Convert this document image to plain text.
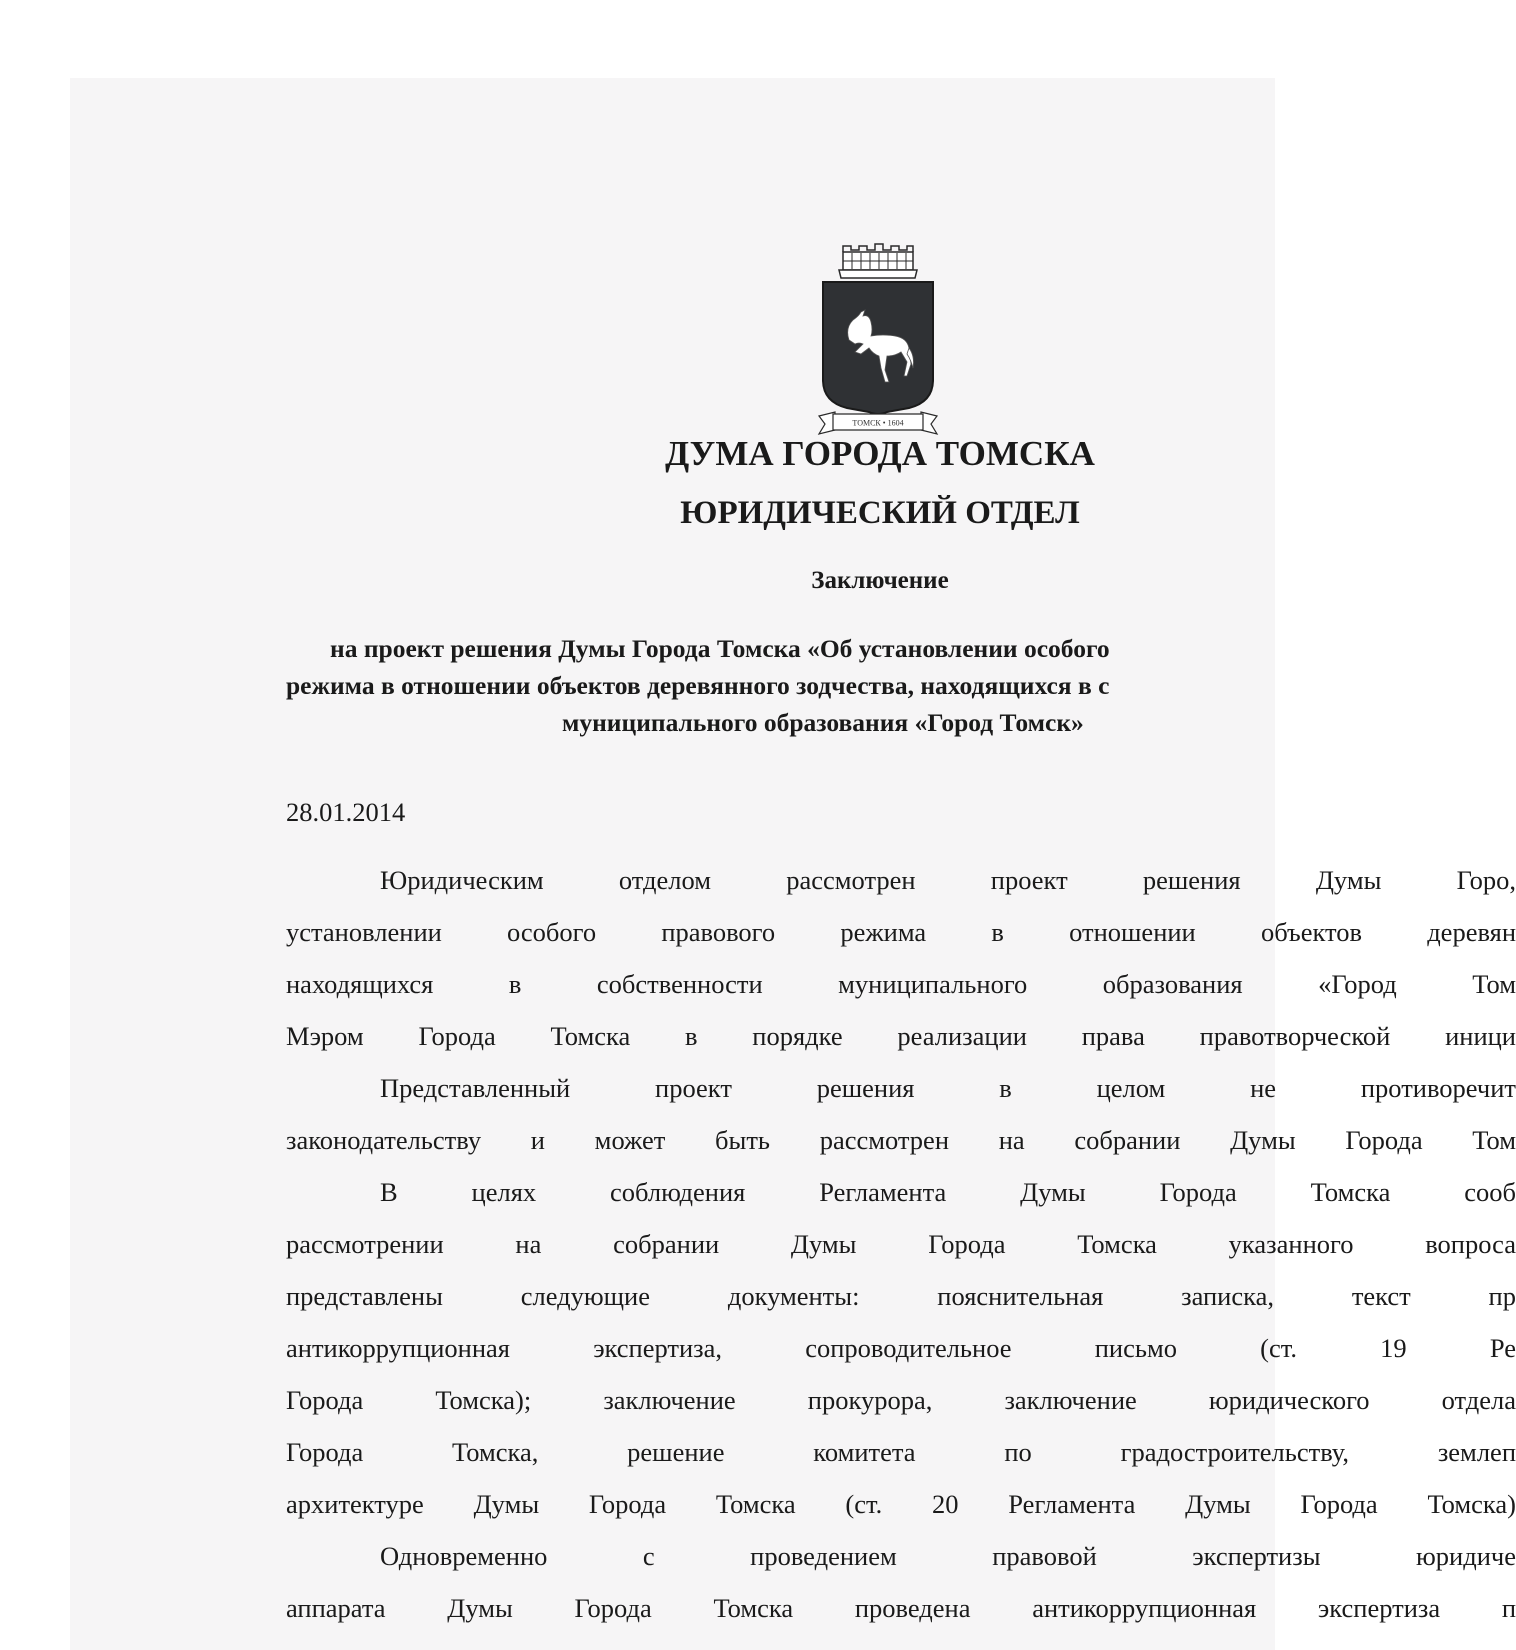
ТОМСК • 1604
ДУМА ГОРОДА ТОМСКА
ЮРИДИЧЕСКИЙ ОТДЕЛ
Заключение
на проект решения Думы Города Томска «Об установлении особого
режима в отношении объектов деревянного зодчества, находящихся в с
муниципального образования «Город Томск»
28.01.2014
Юридическим отделом рассмотрен проект решения Думы Горо,
установлении особого правового режима в отношении объектов деревян
находящихся в собственности муниципального образования «Город Том
Мэром Города Томска в порядке реализации права правотворческой иници
Представленный проект решения в целом не противоречит
законодательству и может быть рассмотрен на собрании Думы Города Том
В целях соблюдения Регламента Думы Города Томска сооб
рассмотрении на собрании Думы Города Томска указанного вопроса
представлены следующие документы: пояснительная записка, текст пр
антикоррупционная экспертиза, сопроводительное письмо (ст. 19 Ре
Города Томска); заключение прокурора, заключение юридического отдела
Города Томска, решение комитета по градостроительству, землеп
архитектуре Думы Города Томска (ст. 20 Регламента Думы Города Томска)
Одновременно с проведением правовой экспертизы юридиче
аппарата Думы Города Томска проведена антикоррупционная экспертиза п
